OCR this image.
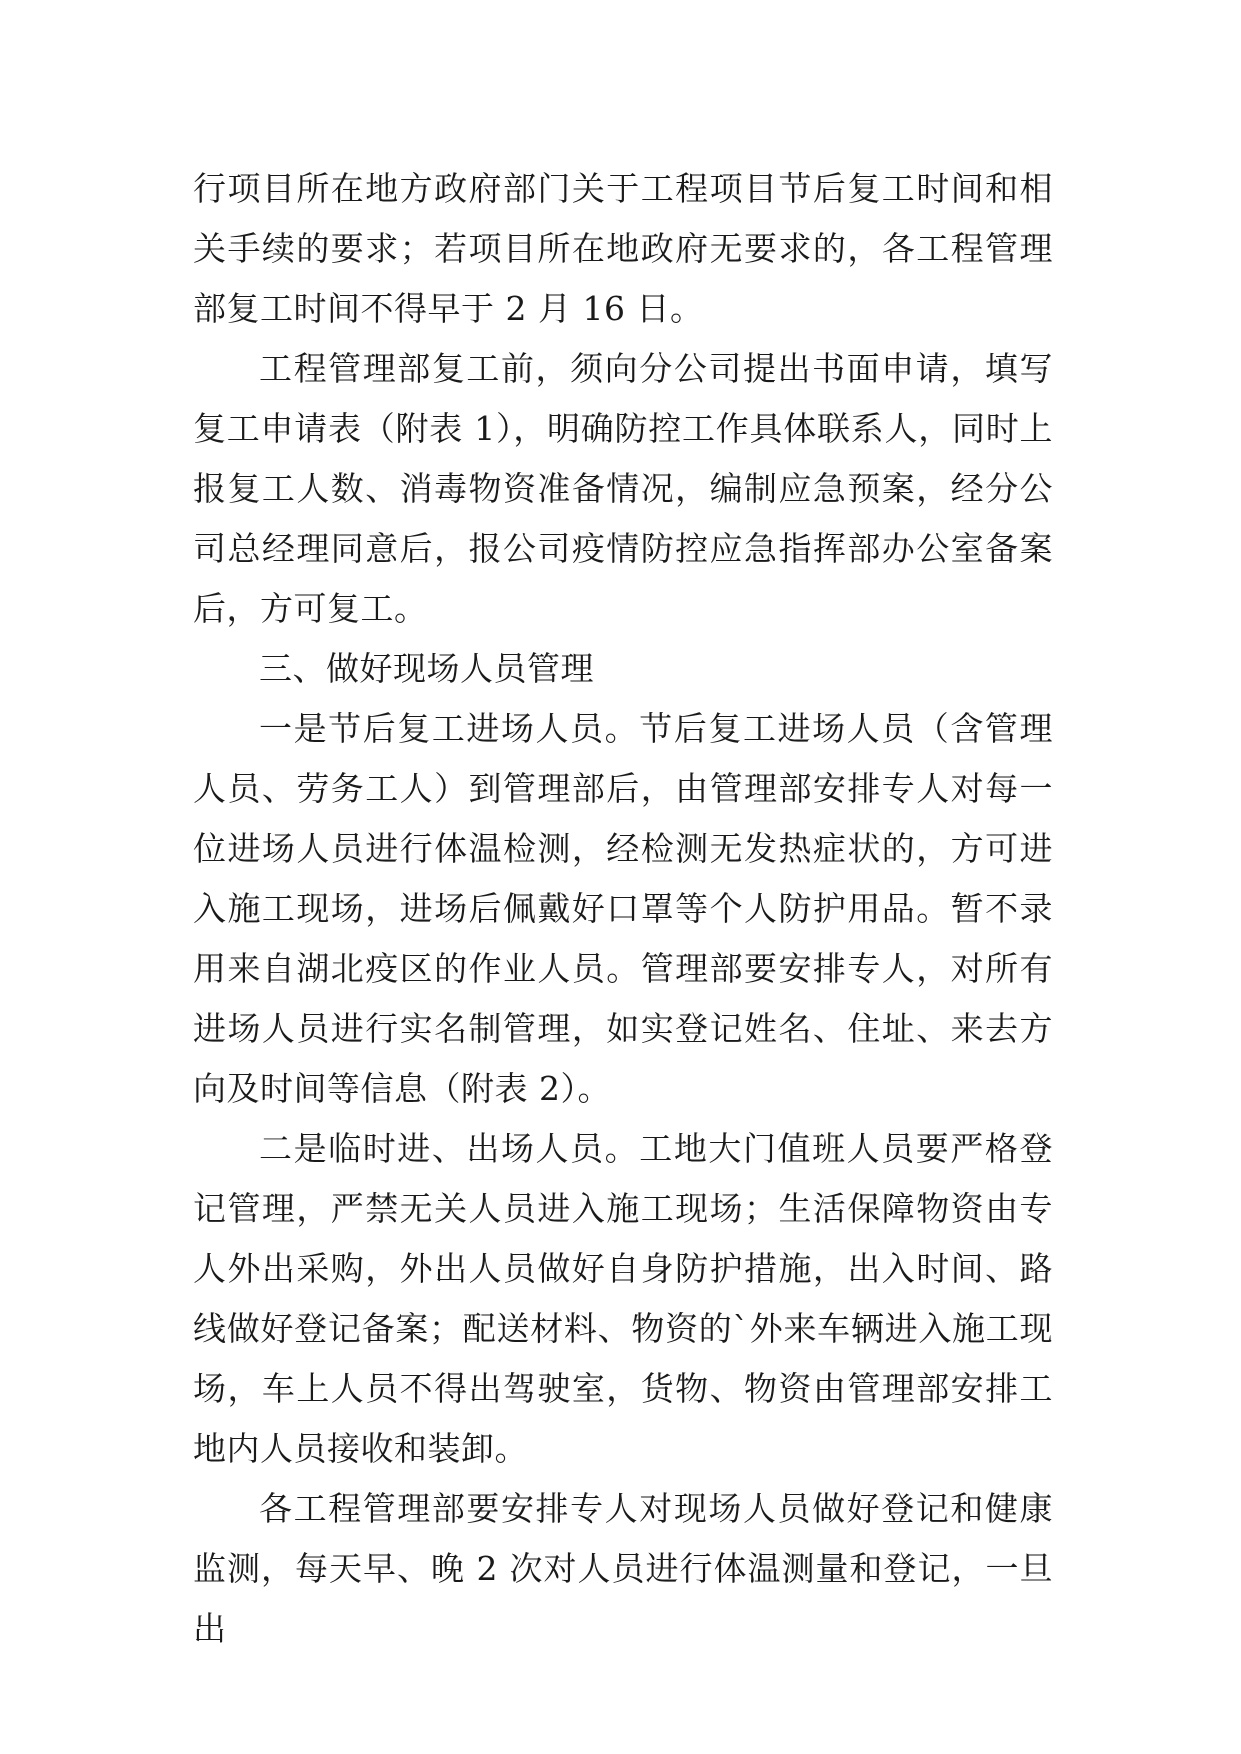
行项目所在地方政府部门关于工程项目节后复工时间和相关手续的要求；若项目所在地政府无要求的，各工程管理部复工时间不得早于 2 月 16 日。

工程管理部复工前，须向分公司提出书面申请，填写复工申请表（附表 1），明确防控工作具体联系人，同时上报复工人数、消毒物资准备情况，编制应急预案，经分公司总经理同意后，报公司疫情防控应急指挥部办公室备案后，方可复工。

三、做好现场人员管理

一是节后复工进场人员。节后复工进场人员（含管理人员、劳务工人）到管理部后，由管理部安排专人对每一位进场人员进行体温检测，经检测无发热症状的，方可进入施工现场，进场后佩戴好口罩等个人防护用品。暂不录用来自湖北疫区的作业人员。管理部要安排专人，对所有进场人员进行实名制管理，如实登记姓名、住址、来去方向及时间等信息（附表 2）。

二是临时进、出场人员。工地大门值班人员要严格登记管理，严禁无关人员进入施工现场；生活保障物资由专人外出采购，外出人员做好自身防护措施，出入时间、路线做好登记备案；配送材料、物资的`外来车辆进入施工现场，车上人员不得出驾驶室，货物、物资由管理部安排工地内人员接收和装卸。

各工程管理部要安排专人对现场人员做好登记和健康监测，每天早、晚 2 次对人员进行体温测量和登记，一旦出
